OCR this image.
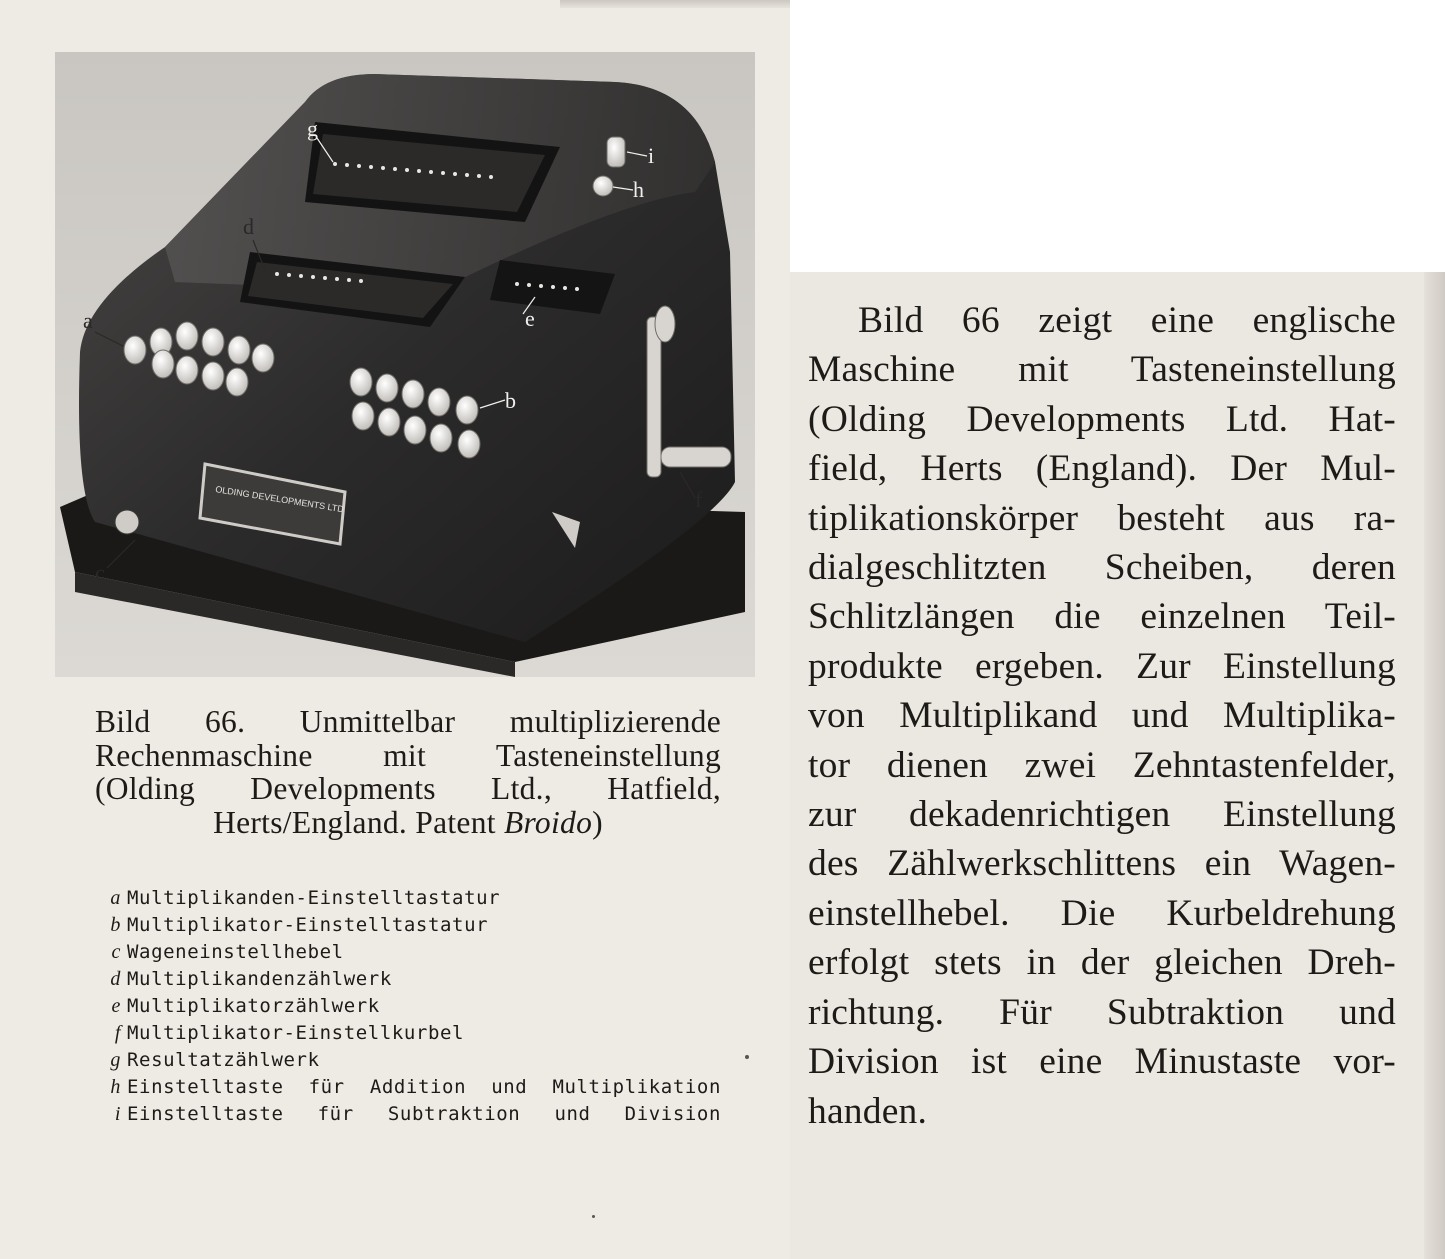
OLDING DEVELOPMENTS LTD
g
i
h
e
b
d
a
c
f
Bild 66. Unmittelbar multiplizierende
Rechenmaschine mit Tasteneinstellung
(Olding Developments Ltd., Hatfield,
Herts/England. Patent Broido)
a Multiplikanden-Einstelltastatur
b Multiplikator-Einstelltastatur
c Wageneinstellhebel
d Multiplikandenzählwerk
e Multiplikatorzählwerk
f Multiplikator-Einstellkurbel
g Resultatzählwerk
h Einstelltaste für Addition und Multiplikation
i Einstelltaste für Subtraktion und Division
Bild 66 zeigt eine englische
Maschine mit Tasteneinstellung
(Olding Developments Ltd. Hat-
field, Herts (England). Der Mul-
tiplikationskörper besteht aus ra-
dialgeschlitzten Scheiben, deren
Schlitzlängen die einzelnen Teil-
produkte ergeben. Zur Einstellung
von Multiplikand und Multiplika-
tor dienen zwei Zehntastenfelder,
zur dekadenrichtigen Einstellung
des Zählwerkschlittens ein Wagen-
einstellhebel. Die Kurbeldrehung
erfolgt stets in der gleichen Dreh-
richtung. Für Subtraktion und
Division ist eine Minustaste vor-
handen.
